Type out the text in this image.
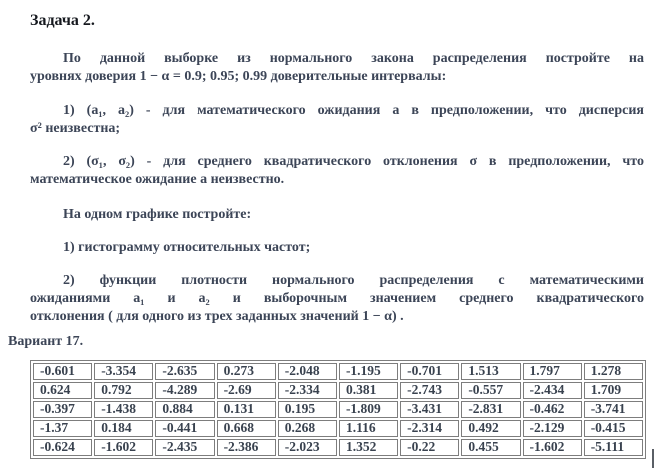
Задача 2.
По данной выборке из нормального закона распределения постройте на
уровнях доверия 1 − α = 0.9; 0.95; 0.99 доверительные интервалы:
1) (a₁, a₂) - для математического ожидания a в предположении, что дисперсия
σ² неизвестна;
2) (σ₁, σ₂) - для среднего квадратического отклонения σ в предположении, что
математическое ожидание a неизвестно.
На одном графике постройте:
1) гистограмму относительных частот;
2) функции плотности нормального распределения с математическими
ожиданиями a₁ и a₂ и выборочным значением среднего квадратического
отклонения ( для одного из трех заданных значений 1 − α) .
Вариант 17.
-0.601	-3.354	-2.635	0.273	-2.048	-1.195	-0.701	1.513	1.797	1.278
0.624	0.792	-4.289	-2.69	-2.334	0.381	-2.743	-0.557	-2.434	1.709
-0.397	-1.438	0.884	0.131	0.195	-1.809	-3.431	-2.831	-0.462	-3.741
-1.37	0.184	-0.441	0.668	0.268	1.116	-2.314	0.492	-2.129	-0.415
-0.624	-1.602	-2.435	-2.386	-2.023	1.352	-0.22	0.455	-1.602	-5.111
